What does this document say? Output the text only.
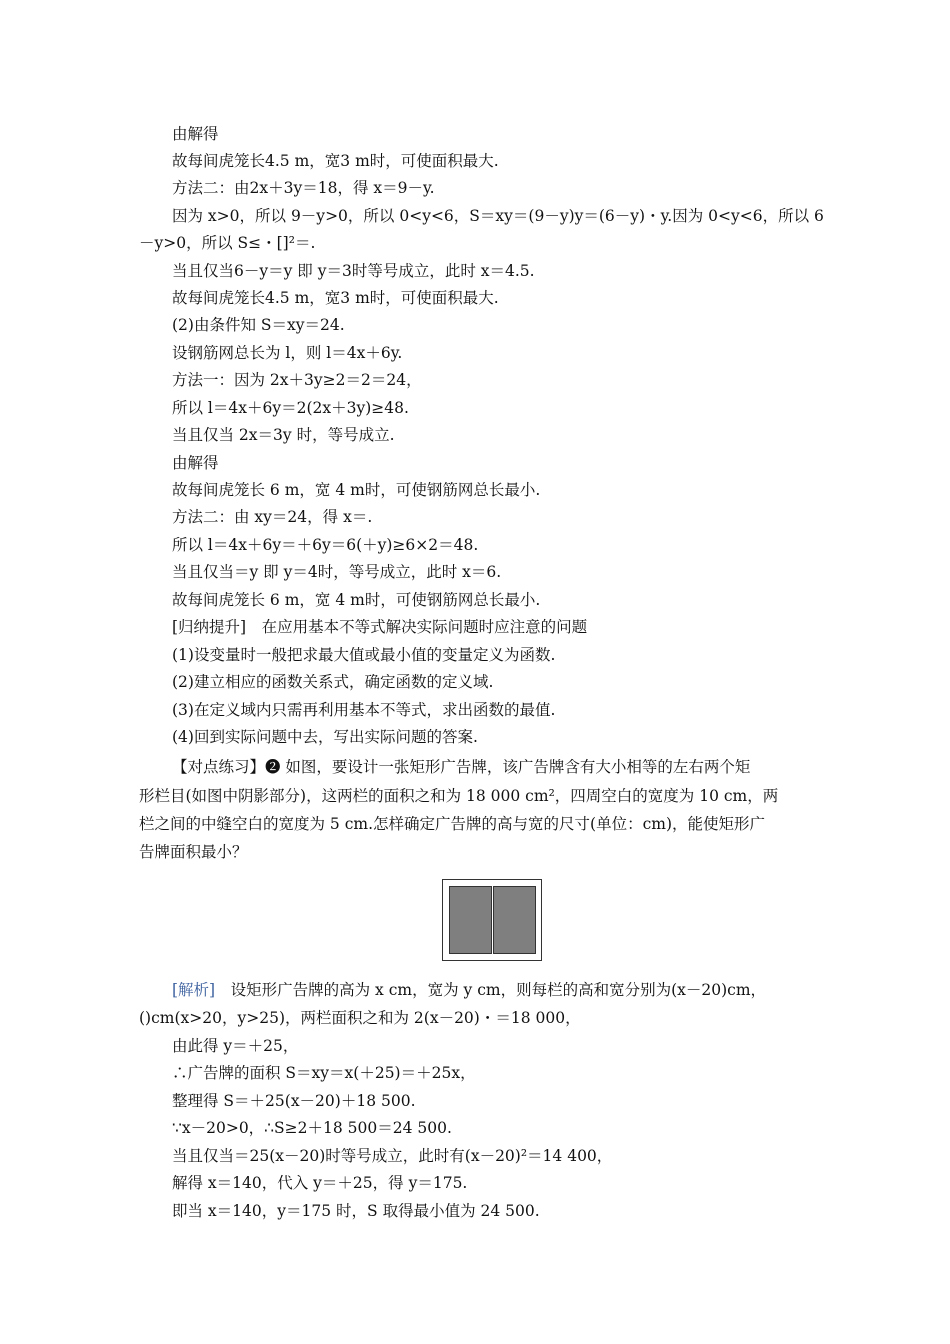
由解得
故每间虎笼长4.5 m，宽3 m时，可使面积最大.
方法二：由2x＋3y＝18，得 x＝9－y.
因为 x>0，所以 9－y>0，所以 0<y<6，S＝xy＝(9－y)y＝(6－y)・y.因为 0<y<6，所以 6
－y>0，所以 S≤・[]²＝.
当且仅当6－y＝y 即 y＝3时等号成立，此时 x＝4.5.
故每间虎笼长4.5 m，宽3 m时，可使面积最大.
(2)由条件知 S＝xy＝24.
设钢筋网总长为 l，则 l＝4x＋6y.
方法一：因为 2x＋3y≥2＝2＝24，
所以 l＝4x＋6y＝2(2x＋3y)≥48.
当且仅当 2x＝3y 时，等号成立.
由解得
故每间虎笼长 6 m，宽 4 m时，可使钢筋网总长最小.
方法二：由 xy＝24，得 x＝.
所以 l＝4x＋6y＝＋6y＝6(＋y)≥6×2＝48.
当且仅当＝y 即 y＝4时，等号成立，此时 x＝6.
故每间虎笼长 6 m，宽 4 m时，可使钢筋网总长最小.
[归纳提升]　在应用基本不等式解决实际问题时应注意的问题
(1)设变量时一般把求最大值或最小值的变量定义为函数.
(2)建立相应的函数关系式，确定函数的定义域.
(3)在定义域内只需再利用基本不等式，求出函数的最值.
(4)回到实际问题中去，写出实际问题的答案.
【对点练习】❷ 如图，要设计一张矩形广告牌，该广告牌含有大小相等的左右两个矩
形栏目(如图中阴影部分)，这两栏的面积之和为 18 000 cm²，四周空白的宽度为 10 cm，两
栏之间的中缝空白的宽度为 5 cm.怎样确定广告牌的高与宽的尺寸(单位：cm)，能使矩形广
告牌面积最小？
[解析]　设矩形广告牌的高为 x cm，宽为 y cm，则每栏的高和宽分别为(x－20)cm，
()cm(x>20，y>25)，两栏面积之和为 2(x－20)・＝18 000，
由此得 y＝＋25，
∴广告牌的面积 S＝xy＝x(＋25)＝＋25x，
整理得 S＝＋25(x－20)＋18 500.
∵x－20>0，∴S≥2＋18 500＝24 500.
当且仅当＝25(x－20)时等号成立，此时有(x－20)²＝14 400，
解得 x＝140，代入 y＝＋25，得 y＝175.
即当 x＝140，y＝175 时，S 取得最小值为 24 500.
